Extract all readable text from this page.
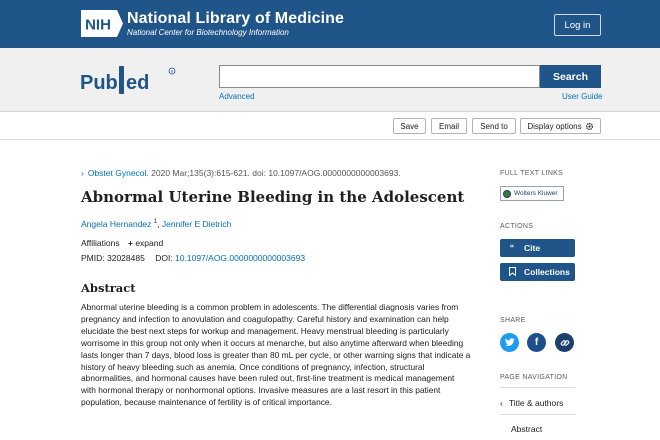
NIH National Library of Medicine
National Center for Biotechnology Information
Log in
Pub ed
R	Search
Advanced	User Guide
Save	Email	Send to	Display options
› Obstet Gynecol. 2020 Mar;135(3):615-621. doi: 10.1097/AOG.0000000000003693.
Abnormal Uterine Bleeding in the Adolescent
Angela Hernandez $^1$, Jennifer E Dietrich
Affiliations + expand
PMID: 32028485 DOI: 10.1097/AOG.0000000000003693
Abstract
Abnormal uterine bleeding is a common problem in adolescents. The differential diagnosis varies from pregnancy and infection to anovulation and coagulopathy. Careful history and examination can help elucidate the best next steps for workup and management. Heavy menstrual bleeding is particularly worrisome in this group not only when it occurs at menarche, but also anytime afterward when bleeding lasts longer than 7 days, blood loss is greater than 80 mL per cycle, or other warning signs that indicate a history of heavy bleeding such as anemia. Once conditions of pregnancy, infection, structural abnormalities, and hormonal causes have been ruled out, first-line treatment is medical management with hormonal therapy or nonhormonal options. Invasive measures are a last resort in this patient population, because maintenance of fertility is of critical importance.
FULL TEXT LINKS
Wolters Kluwer
ACTIONS
“	Cite
Collections
SHARE
f
PAGE NAVIGATION
‹ Title & authors
Abstract
